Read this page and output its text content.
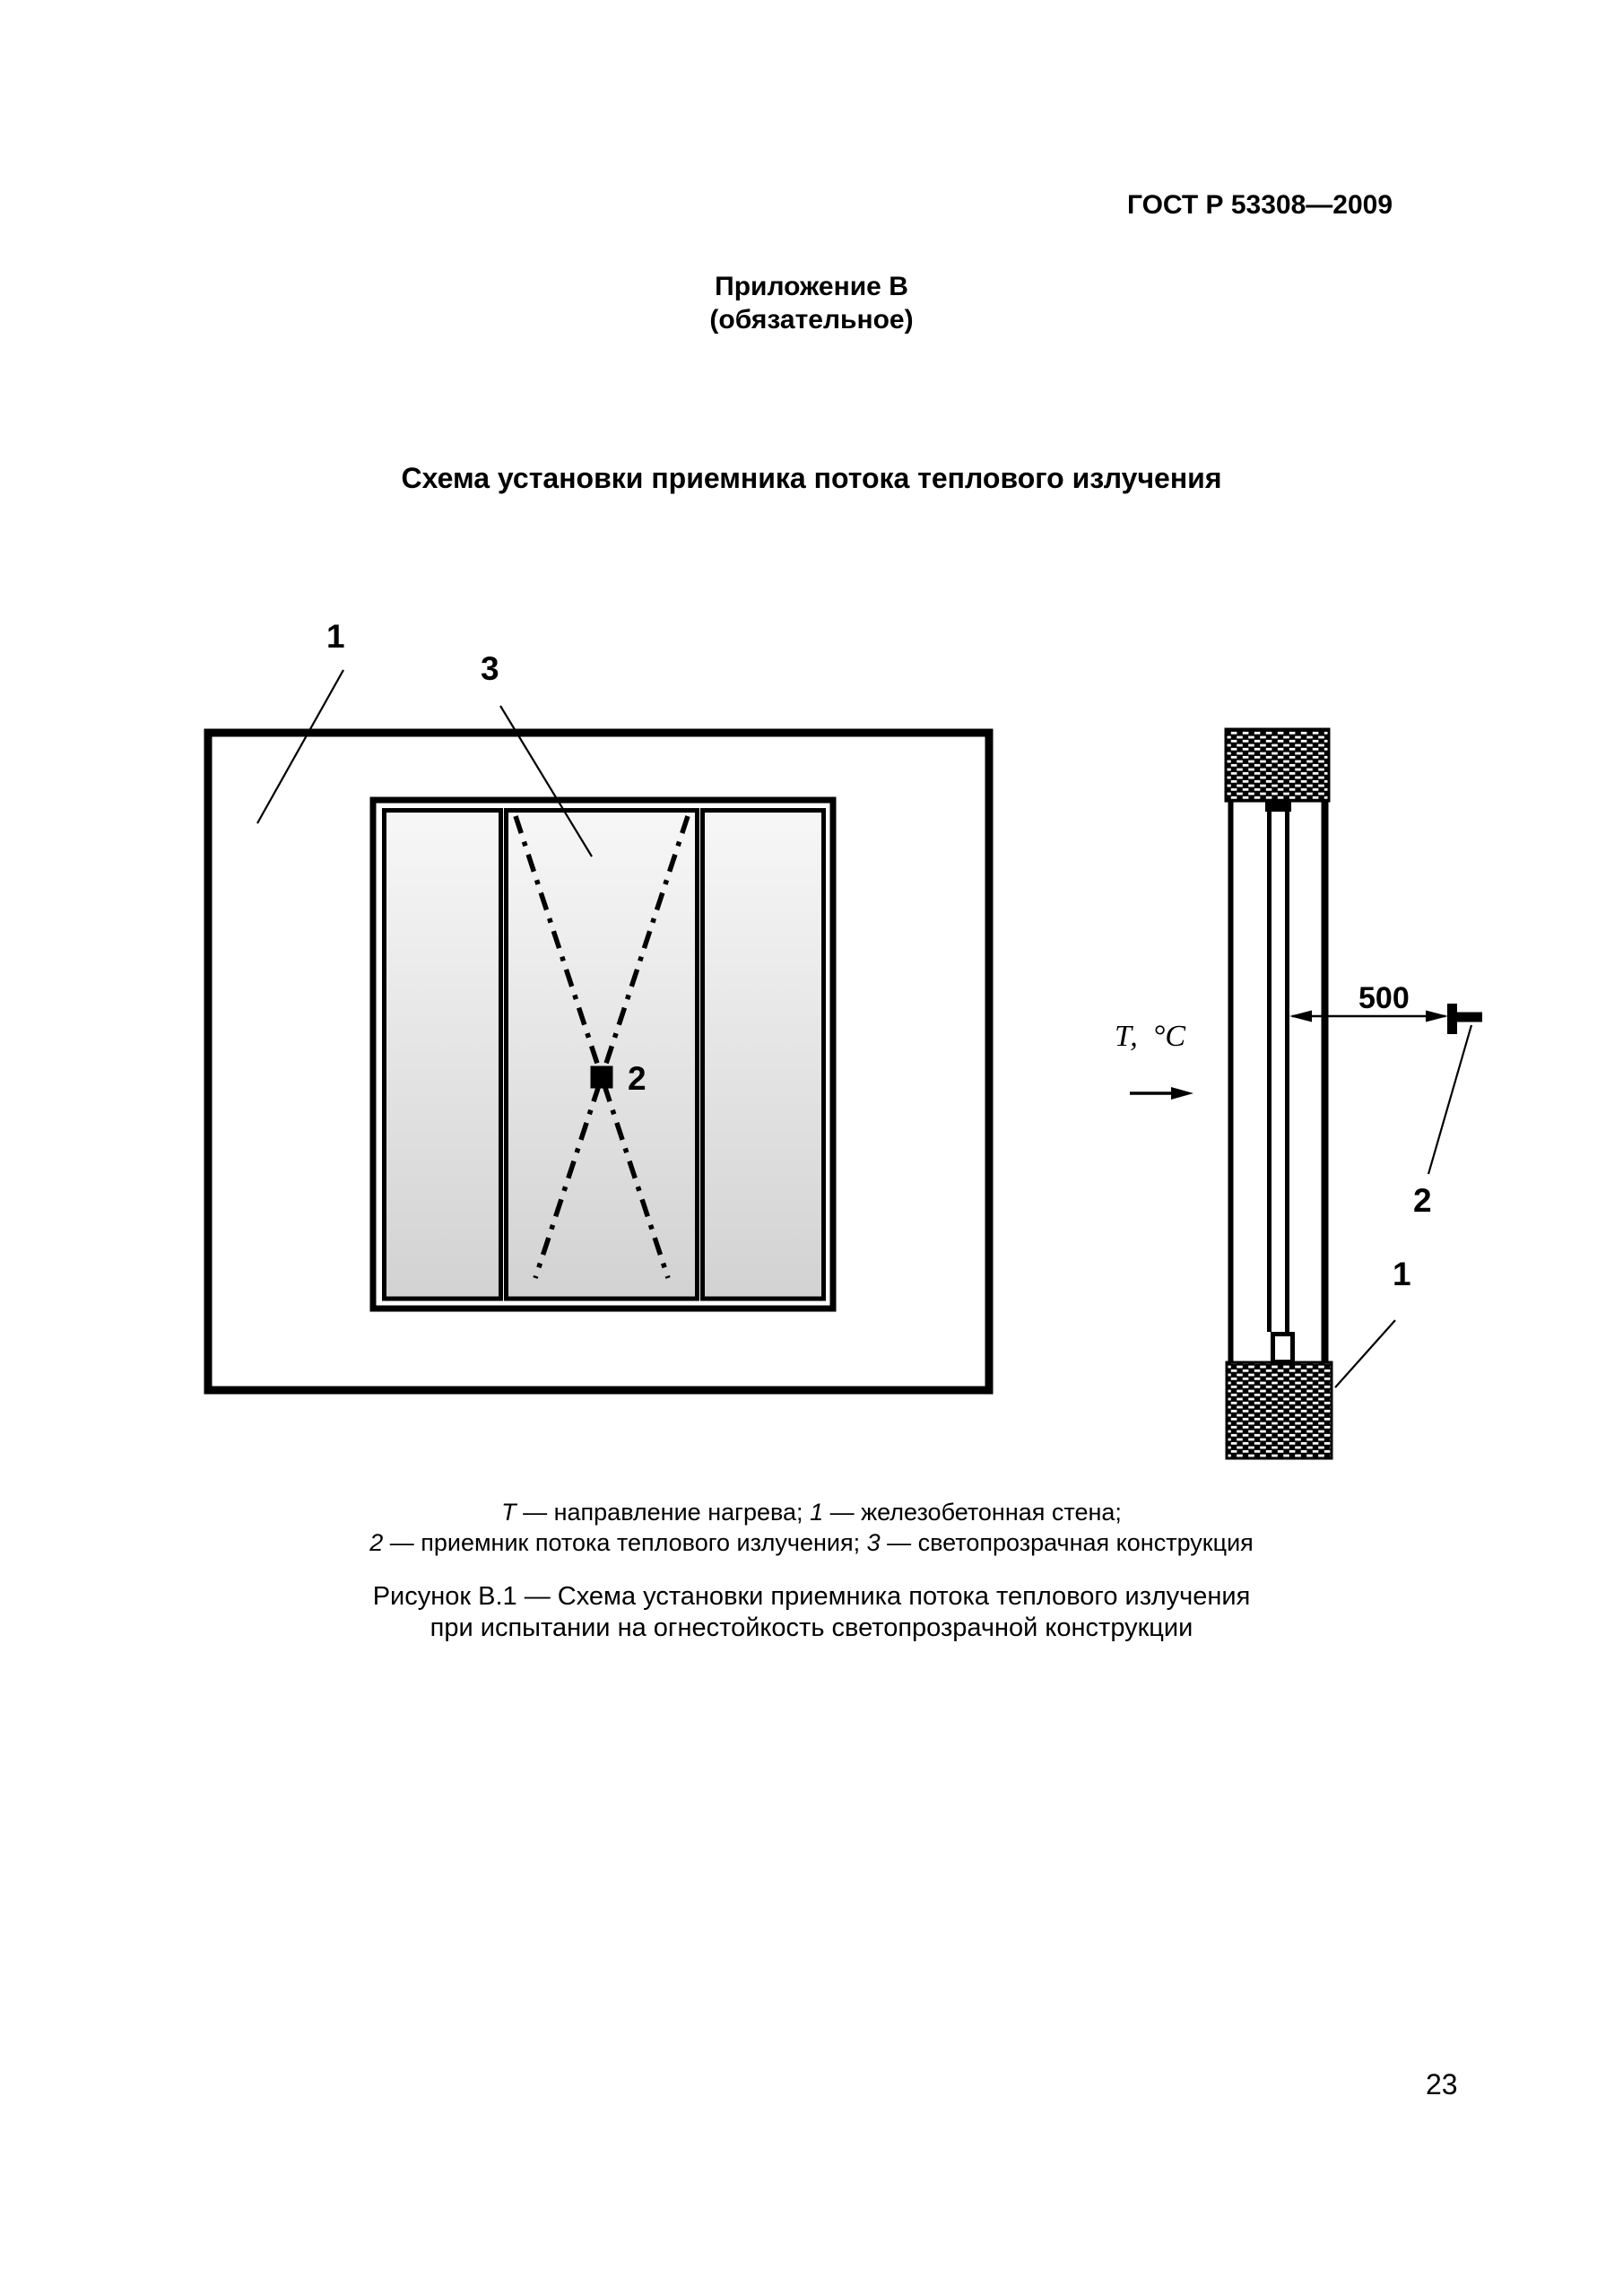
ГОСТ Р 53308—2009
Приложение В
(обязательное)
Схема установки приемника потока теплового излучения
1
3
2
500
Т,  °С
2
1
Т — направление нагрева; 1 — железобетонная стена;
2 — приемник потока теплового излучения; 3 — светопрозрачная конструкция
Рисунок В.1 — Схема установки приемника потока теплового излучения
при испытании на огнестойкость светопрозрачной конструкции
23
